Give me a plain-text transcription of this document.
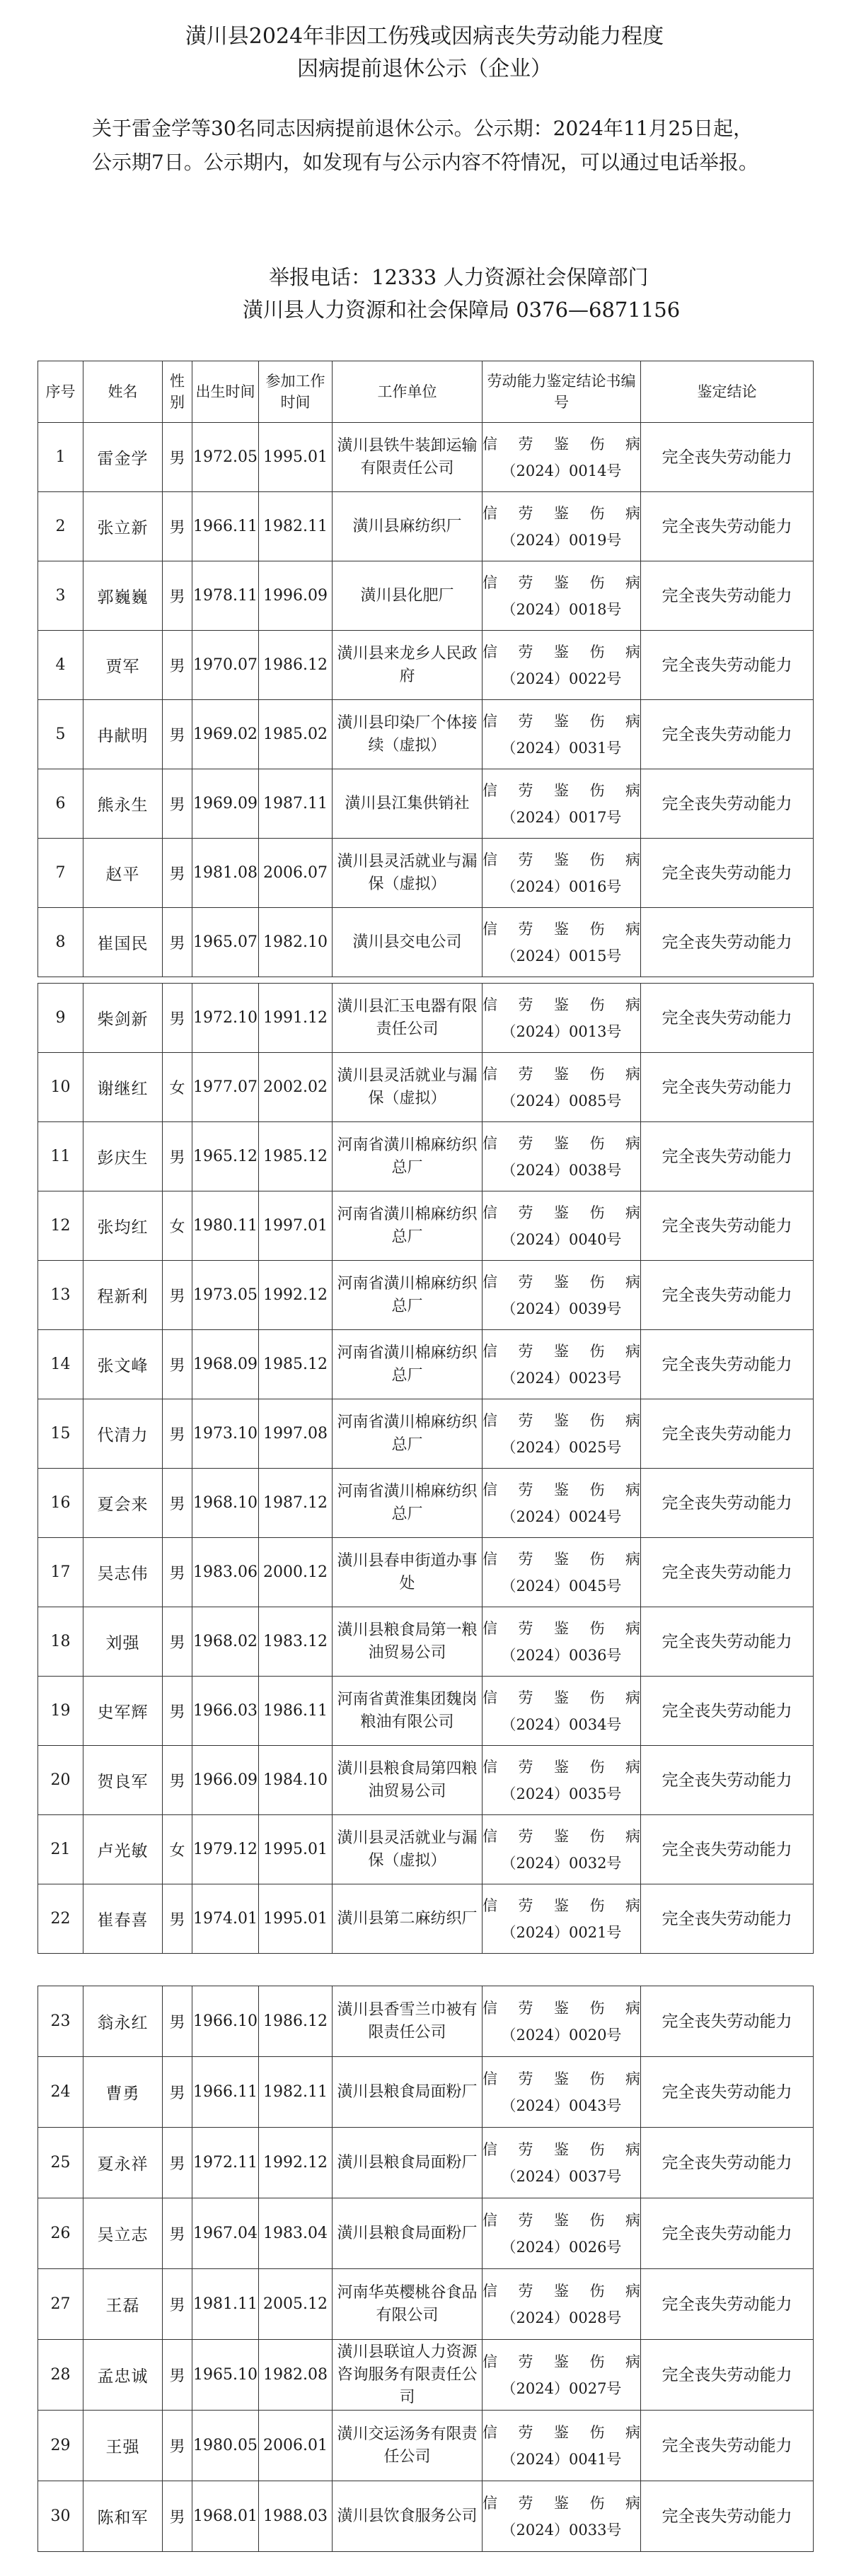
潢川县2024年非因工伤残或因病丧失劳动能力程度
因病提前退休公示（企业）
关于雷金学等30名同志因病提前退休公示。公示期：2024年11月25日起，公示期7日。公示期内，如发现有与公示内容不符情况，可以通过电话举报。
举报电话：12333 人力资源社会保障部门
潢川县人力资源和社会保障局 0376—6871156
序号	姓名	性别	出生时间	参加工作时间	工作单位	劳动能力鉴定结论书编号	鉴定结论
1	雷金学	男	1972.05	1995.01	潢川县铁牛装卸运输有限责任公司	信 劳 鉴 伤 病
（2024）0014号	完全丧失劳动能力
2	张立新	男	1966.11	1982.11	潢川县麻纺织厂	信 劳 鉴 伤 病
（2024）0019号	完全丧失劳动能力
3	郭巍巍	男	1978.11	1996.09	潢川县化肥厂	信 劳 鉴 伤 病
（2024）0018号	完全丧失劳动能力
4	贾军	男	1970.07	1986.12	潢川县来龙乡人民政府	信 劳 鉴 伤 病
（2024）0022号	完全丧失劳动能力
5	冉献明	男	1969.02	1985.02	潢川县印染厂个体接续（虚拟）	信 劳 鉴 伤 病
（2024）0031号	完全丧失劳动能力
6	熊永生	男	1969.09	1987.11	潢川县江集供销社	信 劳 鉴 伤 病
（2024）0017号	完全丧失劳动能力
7	赵平	男	1981.08	2006.07	潢川县灵活就业与漏保（虚拟）	信 劳 鉴 伤 病
（2024）0016号	完全丧失劳动能力
8	崔国民	男	1965.07	1982.10	潢川县交电公司	信 劳 鉴 伤 病
（2024）0015号	完全丧失劳动能力
9	柴剑新	男	1972.10	1991.12	潢川县汇玉电器有限责任公司	信 劳 鉴 伤 病
（2024）0013号	完全丧失劳动能力
10	谢继红	女	1977.07	2002.02	潢川县灵活就业与漏保（虚拟）	信 劳 鉴 伤 病
（2024）0085号	完全丧失劳动能力
11	彭庆生	男	1965.12	1985.12	河南省潢川棉麻纺织总厂	信 劳 鉴 伤 病
（2024）0038号	完全丧失劳动能力
12	张均红	女	1980.11	1997.01	河南省潢川棉麻纺织总厂	信 劳 鉴 伤 病
（2024）0040号	完全丧失劳动能力
13	程新利	男	1973.05	1992.12	河南省潢川棉麻纺织总厂	信 劳 鉴 伤 病
（2024）0039号	完全丧失劳动能力
14	张文峰	男	1968.09	1985.12	河南省潢川棉麻纺织总厂	信 劳 鉴 伤 病
（2024）0023号	完全丧失劳动能力
15	代清力	男	1973.10	1997.08	河南省潢川棉麻纺织总厂	信 劳 鉴 伤 病
（2024）0025号	完全丧失劳动能力
16	夏会来	男	1968.10	1987.12	河南省潢川棉麻纺织总厂	信 劳 鉴 伤 病
（2024）0024号	完全丧失劳动能力
17	吴志伟	男	1983.06	2000.12	潢川县春申街道办事处	信 劳 鉴 伤 病
（2024）0045号	完全丧失劳动能力
18	刘强	男	1968.02	1983.12	潢川县粮食局第一粮油贸易公司	信 劳 鉴 伤 病
（2024）0036号	完全丧失劳动能力
19	史军辉	男	1966.03	1986.11	河南省黄淮集团魏岗粮油有限公司	信 劳 鉴 伤 病
（2024）0034号	完全丧失劳动能力
20	贺良军	男	1966.09	1984.10	潢川县粮食局第四粮油贸易公司	信 劳 鉴 伤 病
（2024）0035号	完全丧失劳动能力
21	卢光敏	女	1979.12	1995.01	潢川县灵活就业与漏保（虚拟）	信 劳 鉴 伤 病
（2024）0032号	完全丧失劳动能力
22	崔春喜	男	1974.01	1995.01	潢川县第二麻纺织厂	信 劳 鉴 伤 病
（2024）0021号	完全丧失劳动能力
23	翁永红	男	1966.10	1986.12	潢川县香雪兰巾被有限责任公司	信 劳 鉴 伤 病
（2024）0020号	完全丧失劳动能力
24	曹勇	男	1966.11	1982.11	潢川县粮食局面粉厂	信 劳 鉴 伤 病
（2024）0043号	完全丧失劳动能力
25	夏永祥	男	1972.11	1992.12	潢川县粮食局面粉厂	信 劳 鉴 伤 病
（2024）0037号	完全丧失劳动能力
26	吴立志	男	1967.04	1983.04	潢川县粮食局面粉厂	信 劳 鉴 伤 病
（2024）0026号	完全丧失劳动能力
27	王磊	男	1981.11	2005.12	河南华英樱桃谷食品有限公司	信 劳 鉴 伤 病
（2024）0028号	完全丧失劳动能力
28	孟忠诚	男	1965.10	1982.08	潢川县联谊人力资源咨询服务有限责任公司	信 劳 鉴 伤 病
（2024）0027号	完全丧失劳动能力
29	王强	男	1980.05	2006.01	潢川交运汤务有限责任公司	信 劳 鉴 伤 病
（2024）0041号	完全丧失劳动能力
30	陈和军	男	1968.01	1988.03	潢川县饮食服务公司	信 劳 鉴 伤 病
（2024）0033号	完全丧失劳动能力
